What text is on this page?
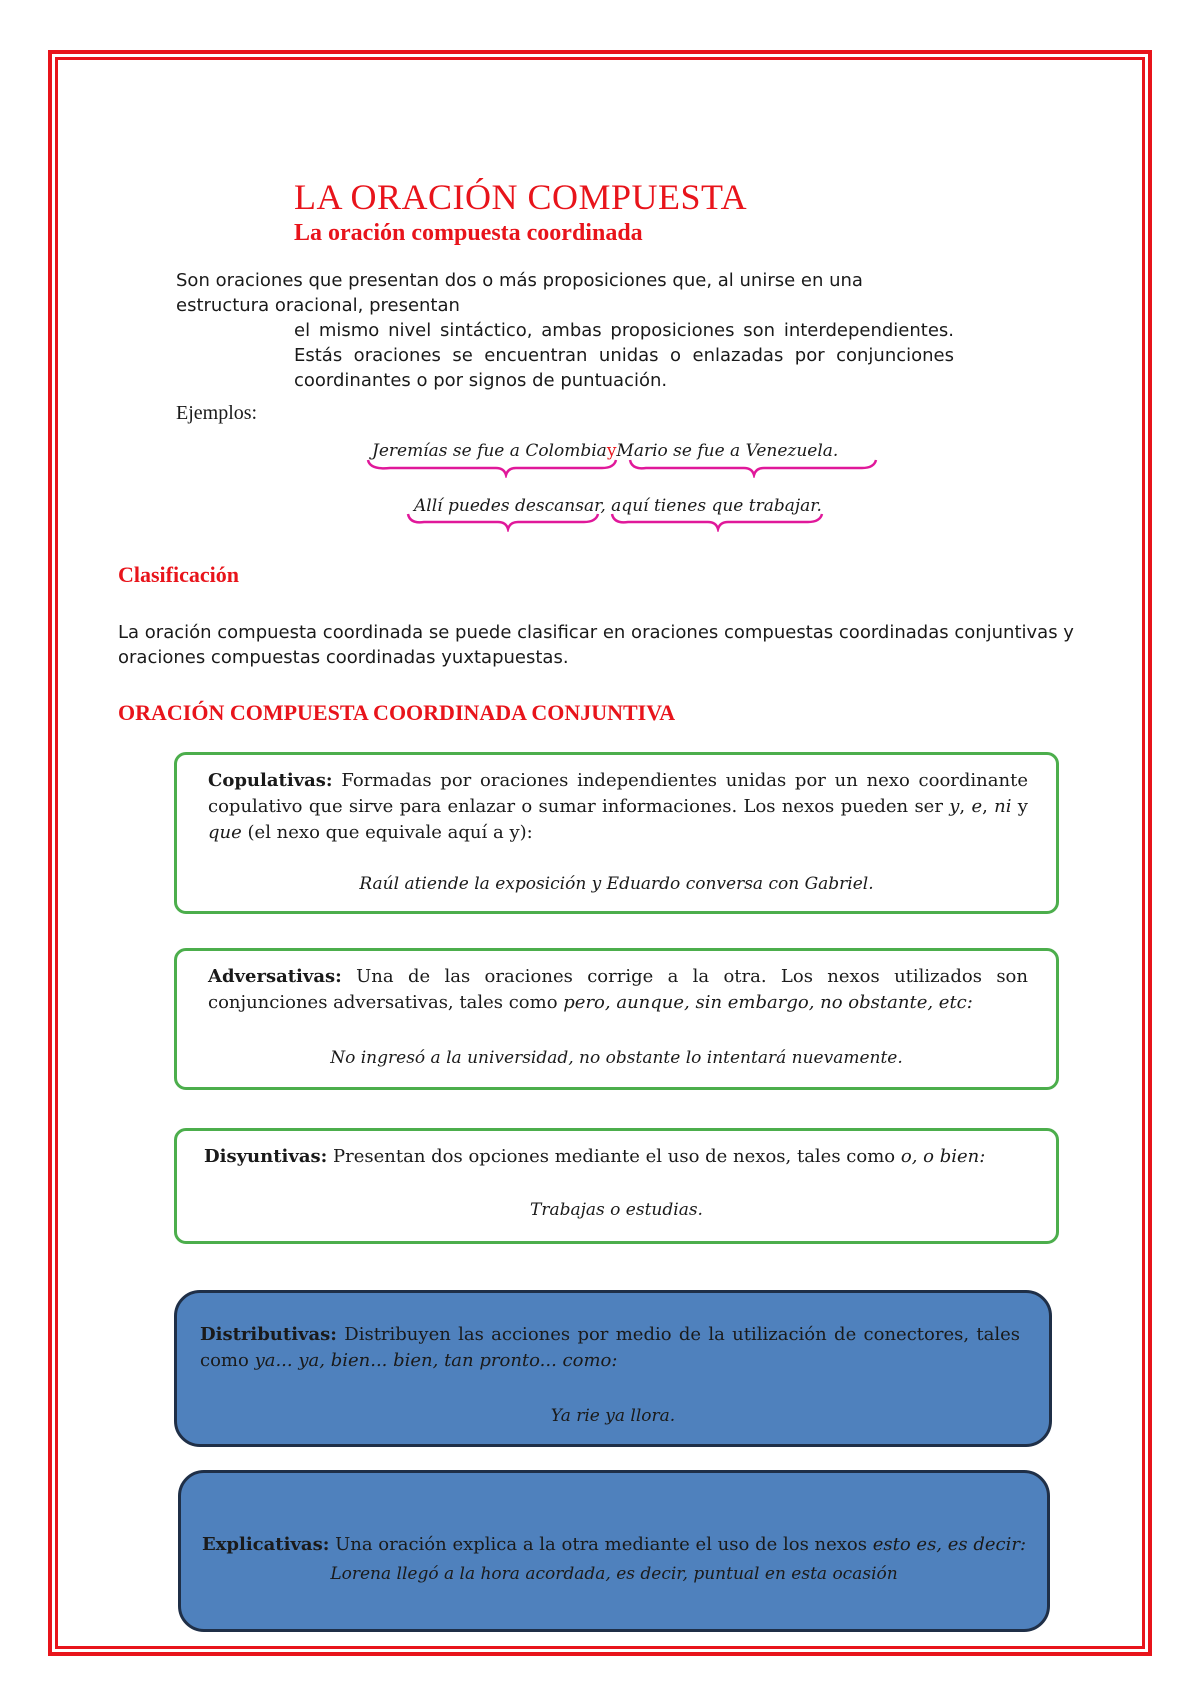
LA ORACIÓN COMPUESTA
La oración compuesta coordinada
Son oraciones que presentan dos o más proposiciones que, al unirse en una estructura oracional, presentan
el mismo nivel sintáctico, ambas proposiciones son interdependientes. Estás oraciones se encuentran unidas o enlazadas por conjunciones coordinantes o por signos de puntuación.
Ejemplos:
Jeremías se fue a ColombiayMario se fue a Venezuela.
Allí puedes descansar, aquí tienes que trabajar.
Clasificación
La oración compuesta coordinada se puede clasificar en oraciones compuestas coordinadas conjuntivas y oraciones compuestas coordinadas yuxtapuestas.
ORACIÓN COMPUESTA COORDINADA CONJUNTIVA
Copulativas: Formadas por oraciones independientes unidas por un nexo coordinante copulativo que sirve para enlazar o sumar informaciones. Los nexos pueden ser y, e, ni y que (el nexo que equivale aquí a y):
Raúl atiende la exposición y Eduardo conversa con Gabriel.
Adversativas: Una de las oraciones corrige a la otra. Los nexos utilizados son conjunciones adversativas, tales como pero, aunque, sin embargo, no obstante, etc:
No ingresó a la universidad, no obstante lo intentará nuevamente.
Disyuntivas: Presentan dos opciones mediante el uso de nexos, tales como o, o bien:
Trabajas o estudias.
Distributivas: Distribuyen las acciones por medio de la utilización de conectores, tales como ya... ya, bien... bien, tan pronto... como:
Ya rie ya llora.
Explicativas: Una oración explica a la otra mediante el uso de los nexos esto es, es decir:
Lorena llegó a la hora acordada, es decir, puntual en esta ocasión
